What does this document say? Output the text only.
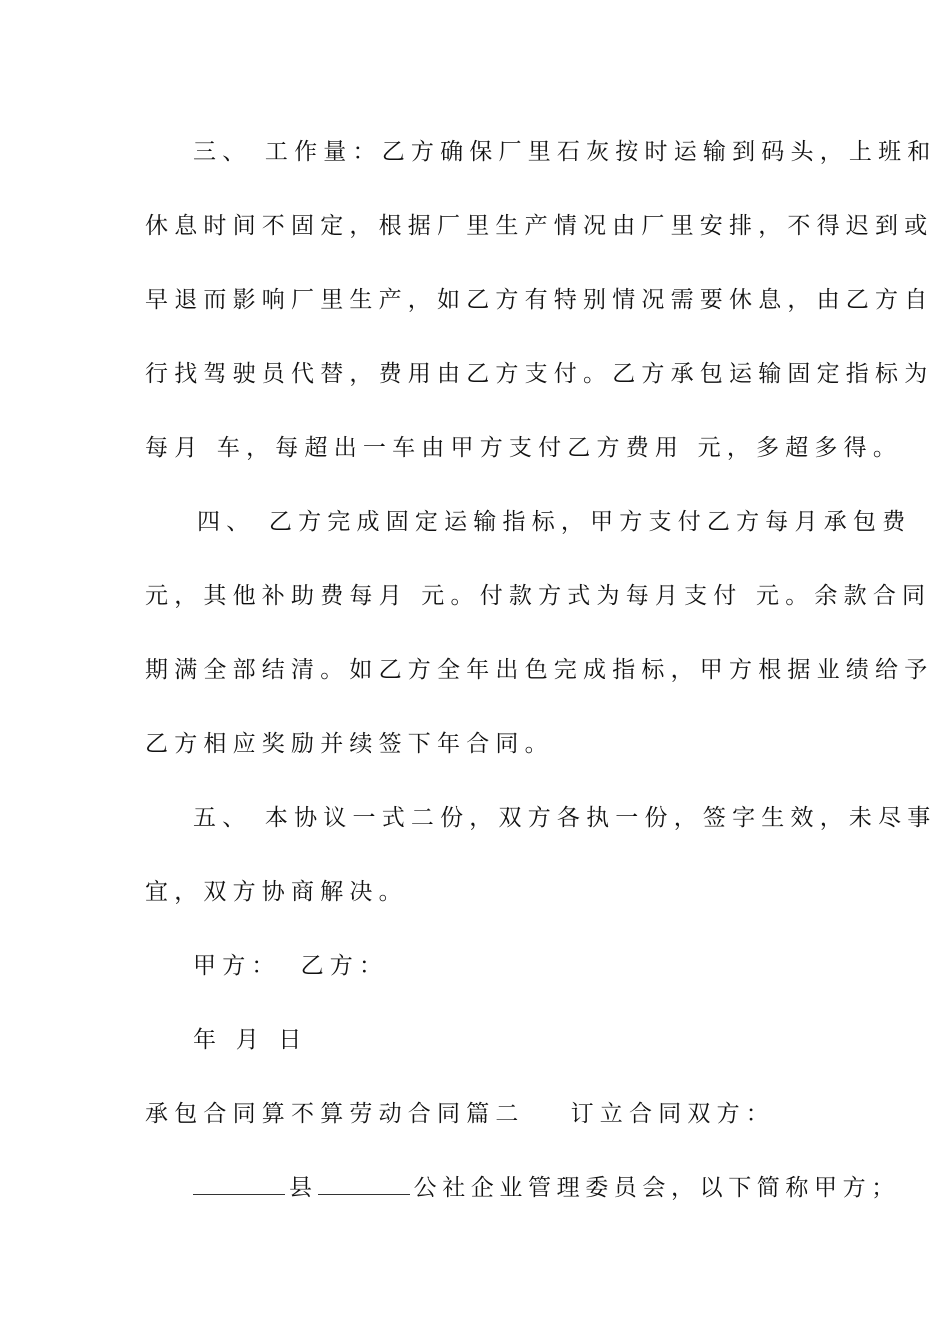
三、 工作量：乙方确保厂里石灰按时运输到码头，上班和
休息时间不固定，根据厂里生产情况由厂里安排，不得迟到或
早退而影响厂里生产，如乙方有特别情况需要休息，由乙方自
行找驾驶员代替，费用由乙方支付。乙方承包运输固定指标为
每月 车，每超出一车由甲方支付乙方费用 元，多超多得。
四、 乙方完成固定运输指标，甲方支付乙方每月承包费
元，其他补助费每月 元。付款方式为每月支付 元。余款合同
期满全部结清。如乙方全年出色完成指标，甲方根据业绩给予
乙方相应奖励并续签下年合同。
五、 本协议一式二份，双方各执一份，签字生效，未尽事
宜，双方协商解决。
甲方： 乙方：
年 月 日
承包合同算不算劳动合同篇二 订立合同双方：
县	公社企业管理委员会，以下简称甲方；
